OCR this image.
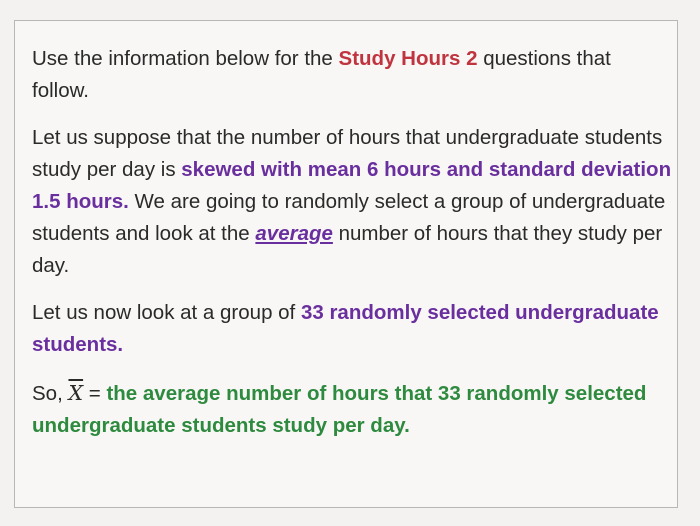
Use the information below for the Study Hours 2 questions that follow.

Let us suppose that the number of hours that undergraduate students study per day is skewed with mean 6 hours and standard deviation 1.5 hours. We are going to randomly select a group of undergraduate students and look at the average number of hours that they study per day.

Let us now look at a group of 33 randomly selected undergraduate students.

So, $\overline{X}$ = the average number of hours that 33 randomly selected undergraduate students study per day.
